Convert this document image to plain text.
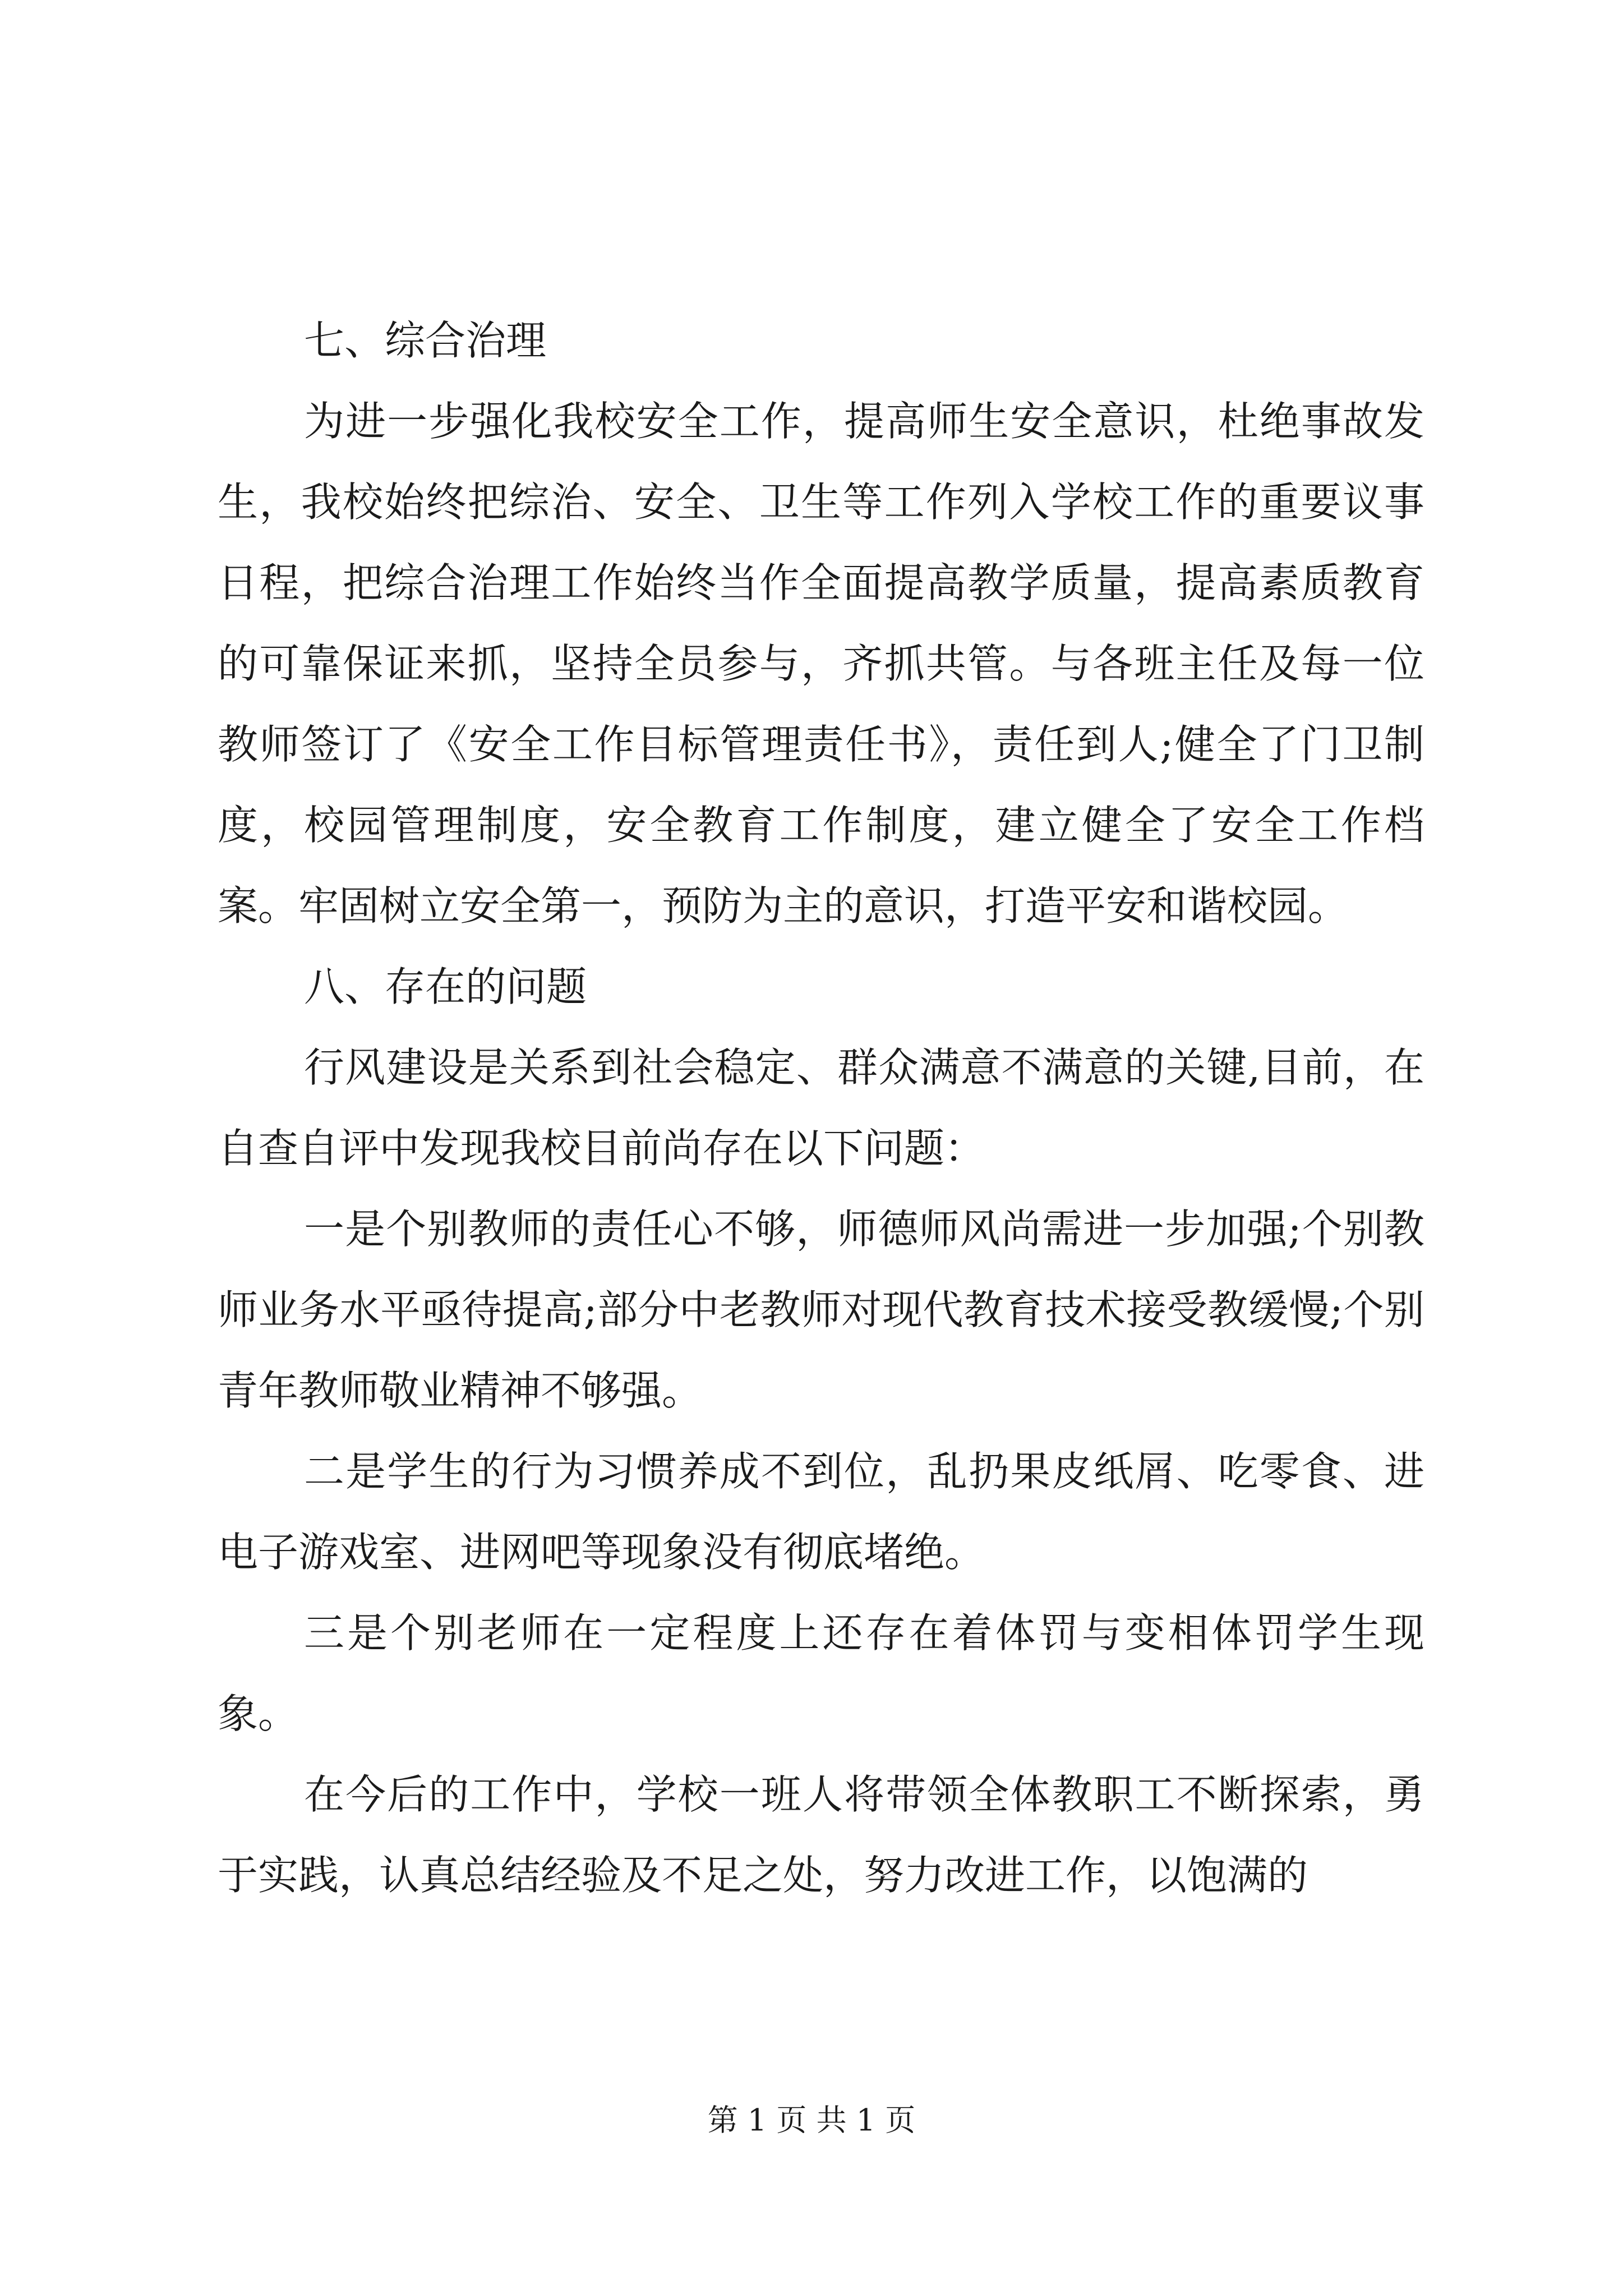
七、综合治理

为进一步强化我校安全工作，提高师生安全意识，杜绝事故发生，我校始终把综治、安全、卫生等工作列入学校工作的重要议事日程，把综合治理工作始终当作全面提高教学质量，提高素质教育的可靠保证来抓，坚持全员参与，齐抓共管。与各班主任及每一位教师签订了《安全工作目标管理责任书》，责任到人;健全了门卫制度，校园管理制度，安全教育工作制度，建立健全了安全工作档案。牢固树立安全第一，预防为主的意识，打造平安和谐校园。

八、存在的问题

行风建设是关系到社会稳定、群众满意不满意的关键,目前，在自查自评中发现我校目前尚存在以下问题：

一是个别教师的责任心不够，师德师风尚需进一步加强;个别教师业务水平亟待提高;部分中老教师对现代教育技术接受教缓慢;个别青年教师敬业精神不够强。

二是学生的行为习惯养成不到位，乱扔果皮纸屑、吃零食、进电子游戏室、进网吧等现象没有彻底堵绝。

三是个别老师在一定程度上还存在着体罚与变相体罚学生现象。

在今后的工作中，学校一班人将带领全体教职工不断探索，勇于实践，认真总结经验及不足之处，努力改进工作，以饱满的

第 1 页 共 1 页
